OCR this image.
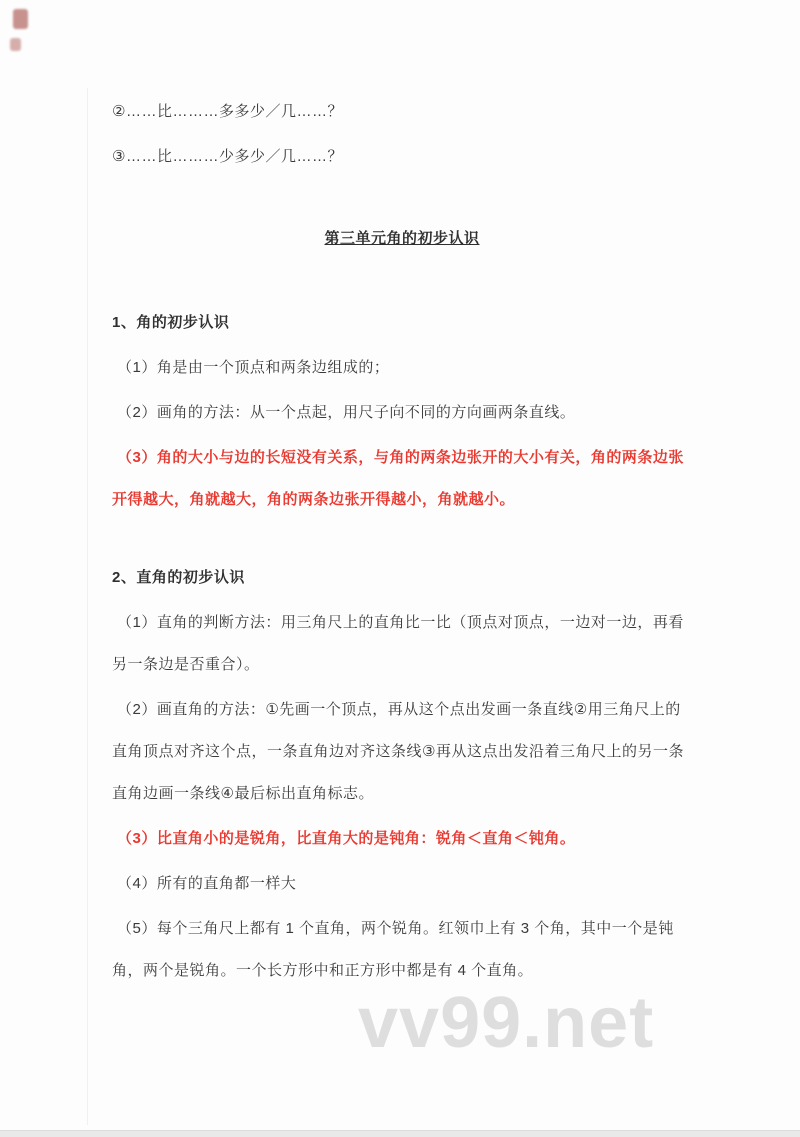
②……比………多多少／几……？

③……比………少多少／几……？

第三单元角的初步认识

1、角的初步认识

（1）角是由一个顶点和两条边组成的；

（2）画角的方法：从一个点起，用尺子向不同的方向画两条直线。

（3）角的大小与边的长短没有关系，与角的两条边张开的大小有关，角的两条边张开得越大，角就越大，角的两条边张开得越小，角就越小。

2、直角的初步认识

（1）直角的判断方法：用三角尺上的直角比一比（顶点对顶点，一边对一边，再看另一条边是否重合）。

（2）画直角的方法：①先画一个顶点，再从这个点出发画一条直线②用三角尺上的直角顶点对齐这个点，一条直角边对齐这条线③再从这点出发沿着三角尺上的另一条直角边画一条线④最后标出直角标志。

（3）比直角小的是锐角，比直角大的是钝角：锐角＜直角＜钝角。

（4）所有的直角都一样大

（5）每个三角尺上都有 1 个直角，两个锐角。红领巾上有 3 个角，其中一个是钝角，两个是锐角。一个长方形中和正方形中都是有 4 个直角。

vv99.net
